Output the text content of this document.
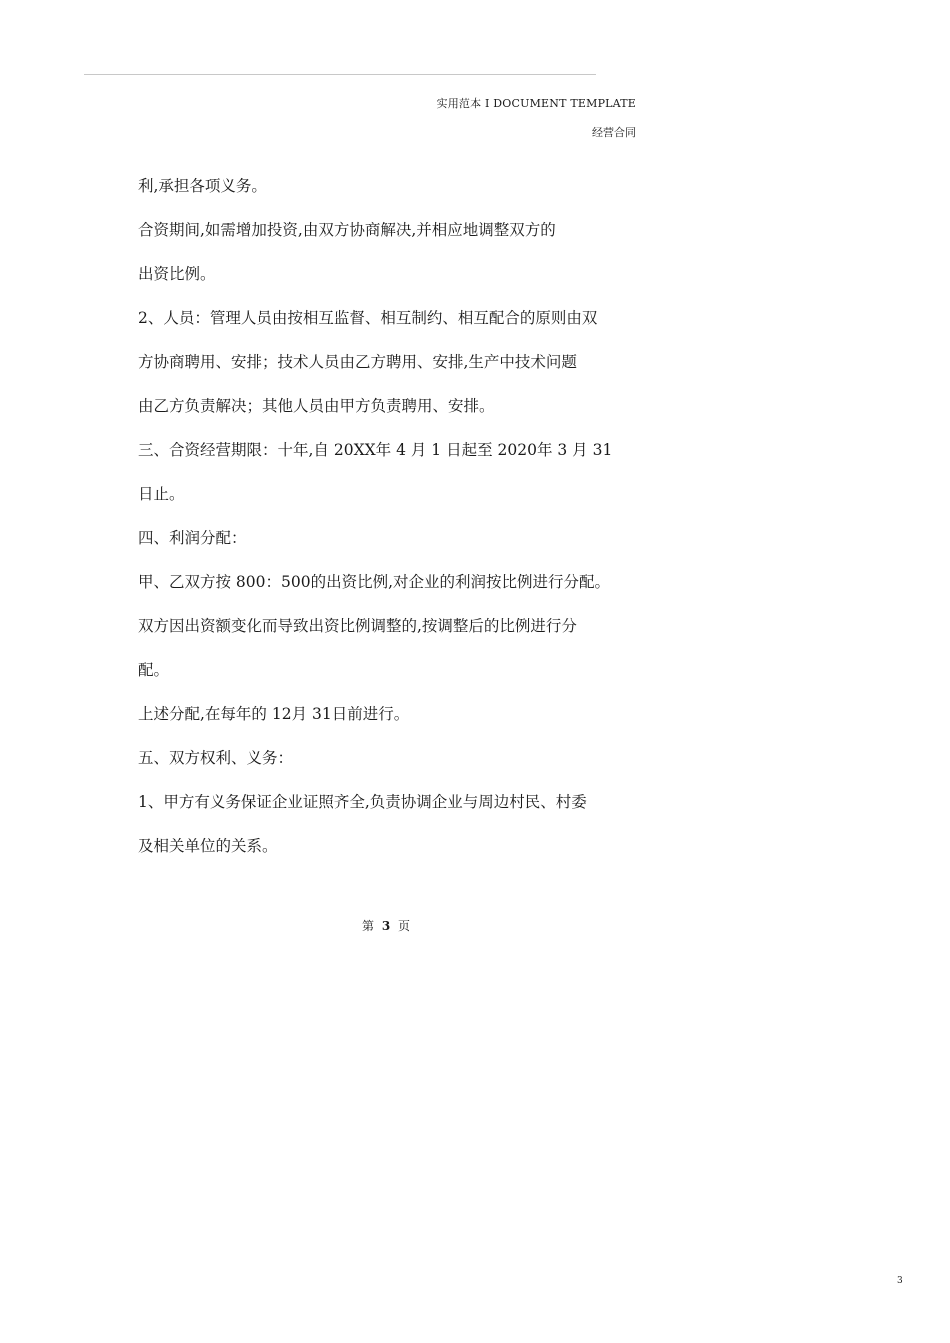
实用范本 I DOCUMENT TEMPLATE
经营合同

利,承担各项义务。

合资期间,如需增加投资,由双方协商解决,并相应地调整双方的

出资比例。

2、人员：管理人员由按相互监督、相互制约、相互配合的原则由双

方协商聘用、安排；技术人员由乙方聘用、安排,生产中技术问题

由乙方负责解决；其他人员由甲方负责聘用、安排。

三、合资经营期限：十年,自 20XX年 4 月 1 日起至 2020年 3 月 31

日止。

四、利润分配：

甲、乙双方按 800：500的出资比例,对企业的利润按比例进行分配。

双方因出资额变化而导致出资比例调整的,按调整后的比例进行分

配。

上述分配,在每年的 12月 31日前进行。

五、双方权利、义务：

1、甲方有义务保证企业证照齐全,负责协调企业与周边村民、村委

及相关单位的关系。

第 3 页
3
